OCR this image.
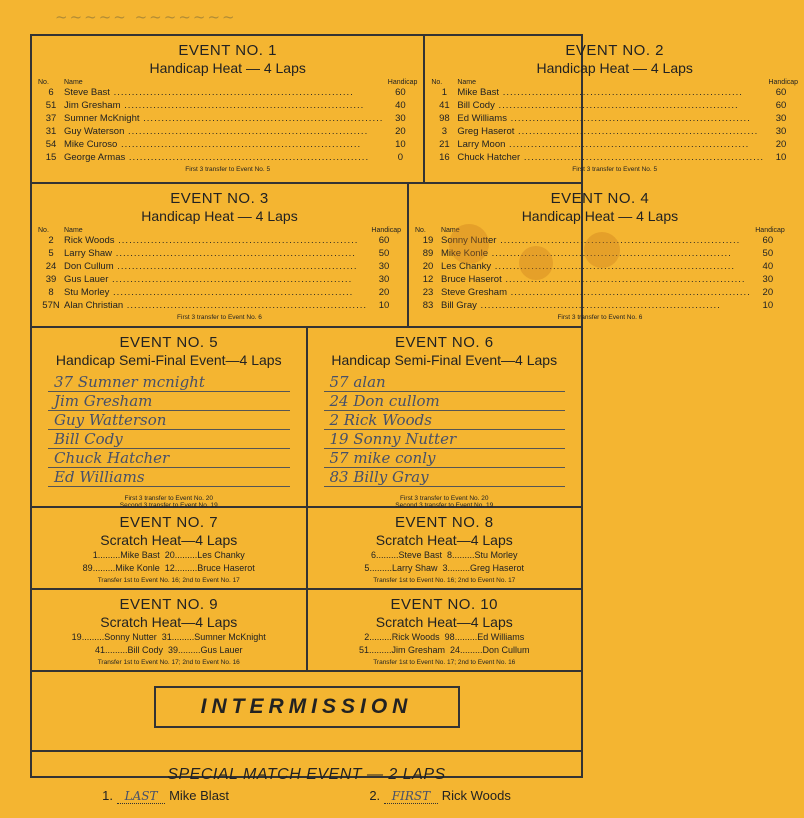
~~~~~ ~~~~~~~
EVENT NO. 1
Handicap Heat — 4 Laps
No.	Name	Handicap
6	Steve Bast .....	60
51 Jim Gresham .....	40
37 Sumner McKnight .....	30
31 Guy Waterson .....	20
54 Mike Curoso .....	10
15 George Armas .....	0
First 3 transfer to Event No. 5
EVENT NO. 2
Handicap Heat — 4 Laps
No.	Name	Handicap
1	Mike Bast .....	60
41 Bill Cody .....	60
98 Ed Williams .....	30
3	Greg Haserot .....	30
21 Larry Moon .....	20
16 Chuck Hatcher .....	10
First 3 transfer to Event No. 5
EVENT NO. 3
Handicap Heat — 4 Laps
No.	Name	Handicap
2	Rick Woods .....	60
5	Larry Shaw .....	50
24 Don Cullum .....	30
39 Gus Lauer .....	30
8	Stu Morley .....	20
57N Alan Christian .....	10
First 3 transfer to Event No. 6
EVENT NO. 4
Handicap Heat — 4 Laps
No.	Name	Handicap
19 Sonny Nutter .....	60
89 Mike Konle .....	50
20 Les Chanky .....	40
12 Bruce Haserot .....	30
23 Steve Gresham .....	20
83 Bill Gray .....	10
First 3 transfer to Event No. 6
EVENT NO. 5
Handicap Semi-Final Event—4 Laps
37 Sumner mcnight
Jim Gresham
Guy Watterson
Bill Cody
Chuck Hatcher
Ed Williams
First 3 transfer to Event No. 20
Second 3 transfer to Event No. 19
EVENT NO. 6
Handicap Semi-Final Event—4 Laps
57 alan
24 Don cullom
2 Rick Woods
19 Sonny Nutter
57 mike conly
83 Billy Gray
First 3 transfer to Event No. 20
Second 3 transfer to Event No. 19
EVENT NO. 7
Scratch Heat—4 Laps
1 ......... Mike Bast
20 ......... Les Chanky
89 ......... Mike Konle
12 ......... Bruce Haserot
Transfer 1st to Event No. 16; 2nd to Event No. 17
EVENT NO. 8
Scratch Heat—4 Laps
6 ......... Steve Bast
8 ......... Stu Morley
5 ......... Larry Shaw
3 ......... Greg Haserot
Transfer 1st to Event No. 16; 2nd to Event No. 17
EVENT NO. 9
Scratch Heat—4 Laps
19 ......... Sonny Nutter
31 ......... Sumner McKnight
41 ......... Bill Cody
39 ......... Gus Lauer
Transfer 1st to Event No. 17; 2nd to Event No. 16
EVENT NO. 10
Scratch Heat—4 Laps
2 ......... Rick Woods
98 ......... Ed Williams
51 ......... Jim Gresham
24 ......... Don Cullum
Transfer 1st to Event No. 17; 2nd to Event No. 16
INTERMISSION
SPECIAL MATCH EVENT — 2 LAPS
1. LAST Mike Blast	2. FIRST Rick Woods
